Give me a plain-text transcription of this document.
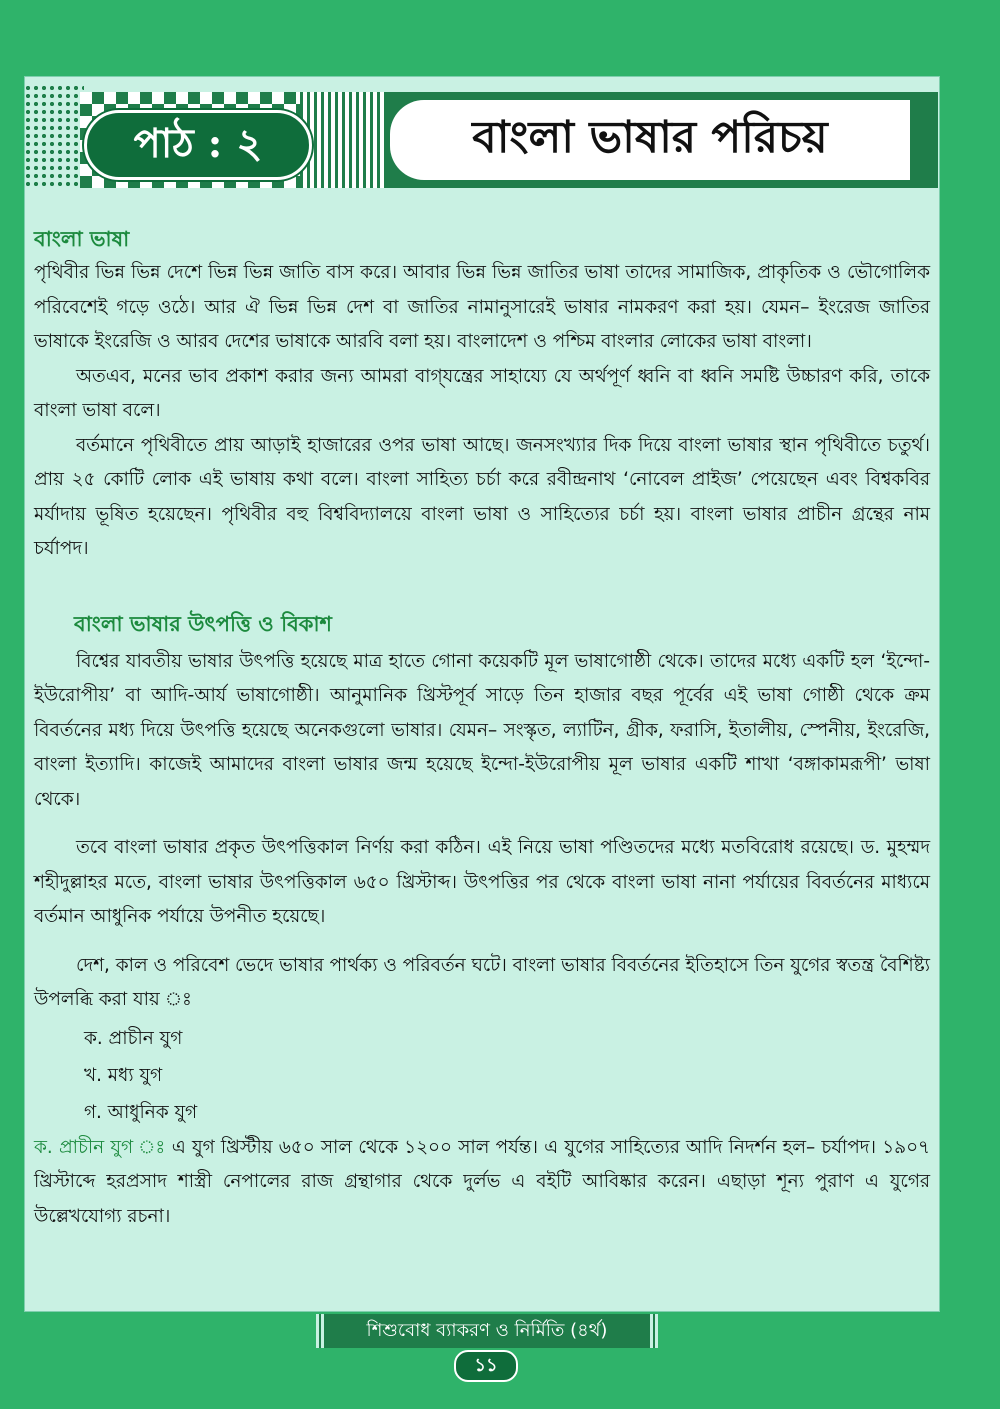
পাঠ : ২	বাংলা ভাষার পরিচয়
বাংলা ভাষা

পৃথিবীর ভিন্ন ভিন্ন দেশে ভিন্ন ভিন্ন জাতি বাস করে। আবার ভিন্ন ভিন্ন জাতির ভাষা তাদের সামাজিক, প্রাকৃতিক ও ভৌগোলিক পরিবেশেই গড়ে ওঠে। আর ঐ ভিন্ন ভিন্ন দেশ বা জাতির নামানুসারেই ভাষার নামকরণ করা হয়। যেমন– ইংরেজ জাতির ভাষাকে ইংরেজি ও আরব দেশের ভাষাকে আরবি বলা হয়। বাংলাদেশ ও পশ্চিম বাংলার লোকের ভাষা বাংলা।

অতএব, মনের ভাব প্রকাশ করার জন্য আমরা বাগ্‌যন্ত্রের সাহায্যে যে অর্থপূর্ণ ধ্বনি বা ধ্বনি সমষ্টি উচ্চারণ করি, তাকে বাংলা ভাষা বলে।

বর্তমানে পৃথিবীতে প্রায় আড়াই হাজারের ওপর ভাষা আছে। জনসংখ্যার দিক দিয়ে বাংলা ভাষার স্থান পৃথিবীতে চতুর্থ। প্রায় ২৫ কোটি লোক এই ভাষায় কথা বলে। বাংলা সাহিত্য চর্চা করে রবীন্দ্রনাথ ‘নোবেল প্রাইজ’ পেয়েছেন এবং বিশ্বকবির মর্যাদায় ভূষিত হয়েছেন। পৃথিবীর বহু বিশ্ববিদ্যালয়ে বাংলা ভাষা ও সাহিত্যের চর্চা হয়। বাংলা ভাষার প্রাচীন গ্রন্থের নাম চর্যাপদ।

বাংলা ভাষার উৎপত্তি ও বিকাশ

বিশ্বের যাবতীয় ভাষার উৎপত্তি হয়েছে মাত্র হাতে গোনা কয়েকটি মূল ভাষাগোষ্ঠী থেকে। তাদের মধ্যে একটি হল ‘ইন্দো-ইউরোপীয়’ বা আদি-আর্য ভাষাগোষ্ঠী। আনুমানিক খ্রিস্টপূর্ব সাড়ে তিন হাজার বছর পূর্বের এই ভাষা গোষ্ঠী থেকে ক্রম বিবর্তনের মধ্য দিয়ে উৎপত্তি হয়েছে অনেকগুলো ভাষার। যেমন– সংস্কৃত, ল্যাটিন, গ্রীক, ফরাসি, ইতালীয়, স্পেনীয়, ইংরেজি, বাংলা ইত্যাদি। কাজেই আমাদের বাংলা ভাষার জন্ম হয়েছে ইন্দো-ইউরোপীয় মূল ভাষার একটি শাখা ‘বঙ্গাকামরূপী’ ভাষা থেকে।

তবে বাংলা ভাষার প্রকৃত উৎপত্তিকাল নির্ণয় করা কঠিন। এই নিয়ে ভাষা পণ্ডিতদের মধ্যে মতবিরোধ রয়েছে। ড. মুহম্মদ শহীদুল্লাহর মতে, বাংলা ভাষার উৎপত্তিকাল ৬৫০ খ্রিস্টাব্দ। উৎপত্তির পর থেকে বাংলা ভাষা নানা পর্যায়ের বিবর্তনের মাধ্যমে বর্তমান আধুনিক পর্যায়ে উপনীত হয়েছে।

দেশ, কাল ও পরিবেশ ভেদে ভাষার পার্থক্য ও পরিবর্তন ঘটে। বাংলা ভাষার বিবর্তনের ইতিহাসে তিন যুগের স্বতন্ত্র বৈশিষ্ট্য উপলব্ধি করা যায় ঃ

ক. প্রাচীন যুগ
খ. মধ্য যুগ
গ. আধুনিক যুগ

ক. প্রাচীন যুগ ঃ এ যুগ খ্রিস্টীয় ৬৫০ সাল থেকে ১২০০ সাল পর্যন্ত। এ যুগের সাহিত্যের আদি নিদর্শন হল– চর্যাপদ। ১৯০৭ খ্রিস্টাব্দে হরপ্রসাদ শাস্ত্রী নেপালের রাজ গ্রন্থাগার থেকে দুর্লভ এ বইটি আবিষ্কার করেন। এছাড়া শূন্য পুরাণ এ যুগের উল্লেখযোগ্য রচনা।

শিশুবোধ ব্যাকরণ ও নির্মিতি (৪র্থ)
১১
